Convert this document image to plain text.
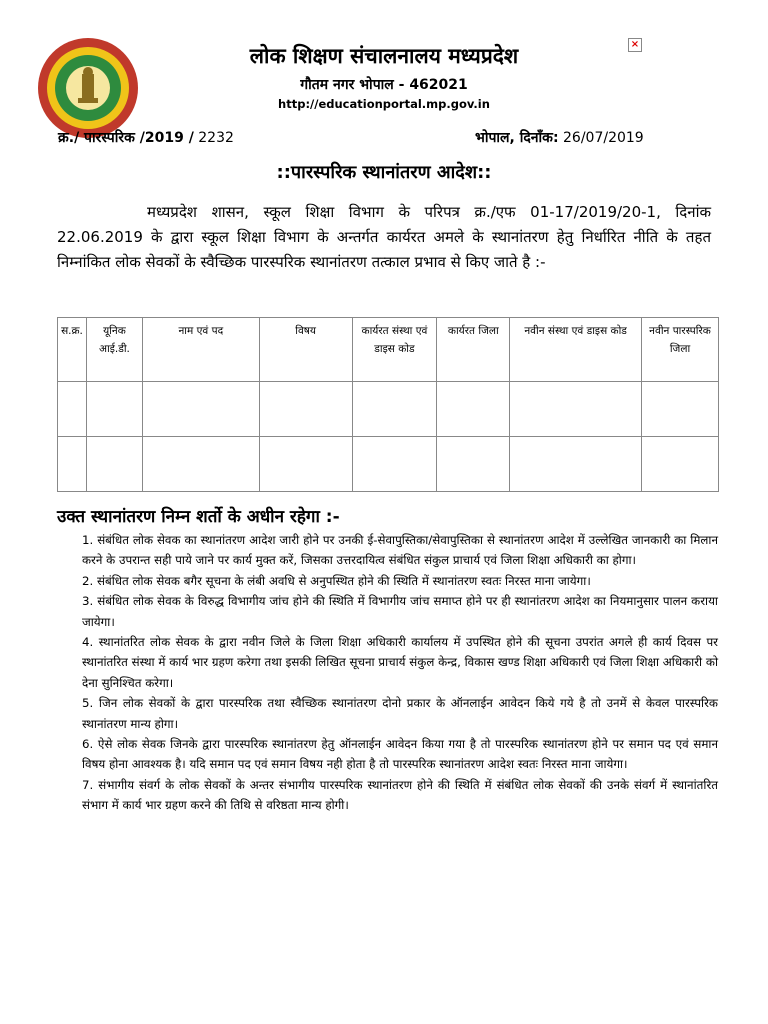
लोक शिक्षण संचालनालय मध्यप्रदेश
गौतम नगर भोपाल - 462021
http://educationportal.mp.gov.in
×
क्र./ पारस्परिक /2019 / 2232	भोपाल, दिनाँक: 26/07/2019
::पारस्परिक स्थानांतरण आदेश::
मध्यप्रदेश शासन, स्कूल शिक्षा विभाग के परिपत्र क्र./एफ 01-17/2019/20-1, दिनांक 22.06.2019 के द्वारा स्कूल शिक्षा विभाग के अन्तर्गत कार्यरत अमले के स्थानांतरण हेतु निर्धारित नीति के तहत निम्नांकित लोक सेवकों के स्वैच्छिक पारस्परिक स्थानांतरण तत्काल प्रभाव से किए जाते है :-
स.क्र.	यूनिक आई.डी.	नाम एवं पद	विषय	कार्यरत संस्था एवं डाइस कोड	कार्यरत जिला	नवीन संस्था एवं डाइस कोड	नवीन पारस्परिक जिला

उक्त स्थानांतरण निम्न शर्तो के अधीन रहेगा :-

1. संबंधित लोक सेवक का स्थानांतरण आदेश जारी होने पर उनकी ई-सेवापुस्तिका/सेवापुस्तिका से स्थानांतरण आदेश में उल्लेखित जानकारी का मिलान करने के उपरान्त सही पाये जाने पर कार्य मुक्त करें, जिसका उत्तरदायित्व संबंधित संकुल प्राचार्य एवं जिला शिक्षा अधिकारी का होगा।

2. संबंधित लोक सेवक बगैर सूचना के लंबी अवधि से अनुपस्थित होने की स्थिति में स्थानांतरण स्वतः निरस्त माना जायेगा।

3. संबंधित लोक सेवक के विरुद्ध विभागीय जांच होने की स्थिति में विभागीय जांच समाप्त होने पर ही स्थानांतरण आदेश का नियमानुसार पालन कराया जायेगा।

4. स्थानांतरित लोक सेवक के द्वारा नवीन जिले के जिला शिक्षा अधिकारी कार्यालय में उपस्थित होने की सूचना उपरांत अगले ही कार्य दिवस पर स्थानांतरित संस्था में कार्य भार ग्रहण करेगा तथा इसकी लिखित सूचना प्राचार्य संकुल केन्द्र, विकास खण्ड शिक्षा अधिकारी एवं जिला शिक्षा अधिकारी को देना सुनिश्चित करेगा।

5. जिन लोक सेवकों के द्वारा पारस्परिक तथा स्वैच्छिक स्थानांतरण दोनो प्रकार के ऑनलाईन आवेदन किये गये है तो उनमें से केवल पारस्परिक स्थानांतरण मान्य होगा।

6. ऐसे लोक सेवक जिनके द्वारा पारस्परिक स्थानांतरण हेतु ऑनलाईन आवेदन किया गया है तो पारस्परिक स्थानांतरण होने पर समान पद एवं समान विषय होना आवश्यक है। यदि समान पद एवं समान विषय नही होता है तो पारस्परिक स्थानांतरण आदेश स्वतः निरस्त माना जायेगा।

7. संभागीय संवर्ग के लोक सेवकों के अन्तर संभागीय पारस्परिक स्थानांतरण होने की स्थिति में संबंधित लोक सेवकों की उनके संवर्ग में स्थानांतरित संभाग में कार्य भार ग्रहण करने की तिथि से वरिष्ठता मान्य होगी।
